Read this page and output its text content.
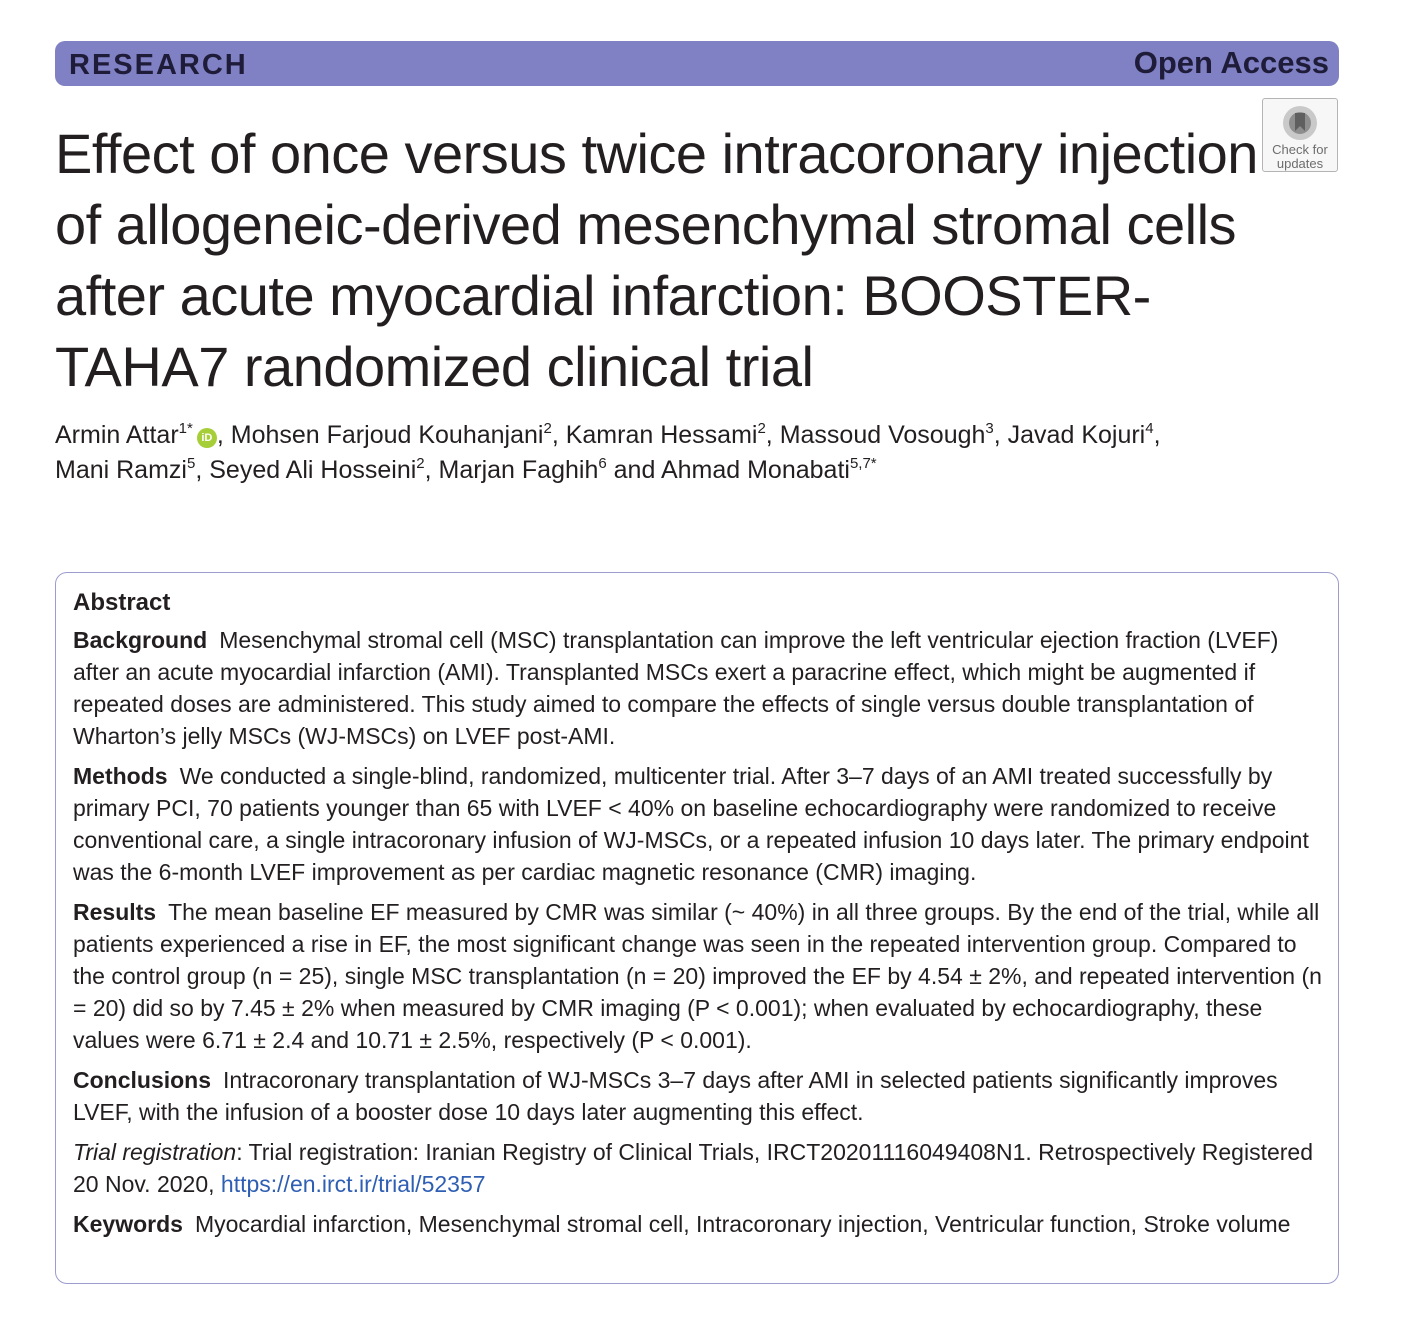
RESEARCH	Open Access
Check for
updates
Effect of once versus twice intracoronary injection of allogeneic-derived mesenchymal stromal cells after acute myocardial infarction: BOOSTER-TAHA7 randomized clinical trial
Armin Attar$^{1*}$iD , Mohsen Farjoud Kouhanjani$^2$, Kamran Hessami$^2$, Massoud Vosough$^3$, Javad Kojuri$^4$,
Mani Ramzi$^5$, Seyed Ali Hosseini$^2$, Marjan Faghih$^6$ and Ahmad Monabati$^{5,7*}$
Abstract

Background Mesenchymal stromal cell (MSC) transplantation can improve the left ventricular ejection fraction (LVEF) after an acute myocardial infarction (AMI). Transplanted MSCs exert a paracrine effect, which might be augmented if repeated doses are administered. This study aimed to compare the effects of single versus double transplantation of Wharton’s jelly MSCs (WJ-MSCs) on LVEF post-AMI.

Methods We conducted a single-blind, randomized, multicenter trial. After 3–7 days of an AMI treated successfully by primary PCI, 70 patients younger than 65 with LVEF < 40% on baseline echocardiography were randomized to receive conventional care, a single intracoronary infusion of WJ-MSCs, or a repeated infusion 10 days later. The primary endpoint was the 6-month LVEF improvement as per cardiac magnetic resonance (CMR) imaging.

Results The mean baseline EF measured by CMR was similar (~ 40%) in all three groups. By the end of the trial, while all patients experienced a rise in EF, the most significant change was seen in the repeated intervention group. Compared to the control group (n = 25), single MSC transplantation (n = 20) improved the EF by 4.54 ± 2%, and repeated intervention (n = 20) did so by 7.45 ± 2% when measured by CMR imaging (P < 0.001); when evaluated by echocardiography, these values were 6.71 ± 2.4 and 10.71 ± 2.5%, respectively (P < 0.001).

Conclusions Intracoronary transplantation of WJ-MSCs 3–7 days after AMI in selected patients significantly improves LVEF, with the infusion of a booster dose 10 days later augmenting this effect.

Trial registration: Trial registration: Iranian Registry of Clinical Trials, IRCT20201116049408N1. Retrospectively Registered 20 Nov. 2020, https://en.irct.ir/trial/52357

Keywords Myocardial infarction, Mesenchymal stromal cell, Intracoronary injection, Ventricular function, Stroke volume
